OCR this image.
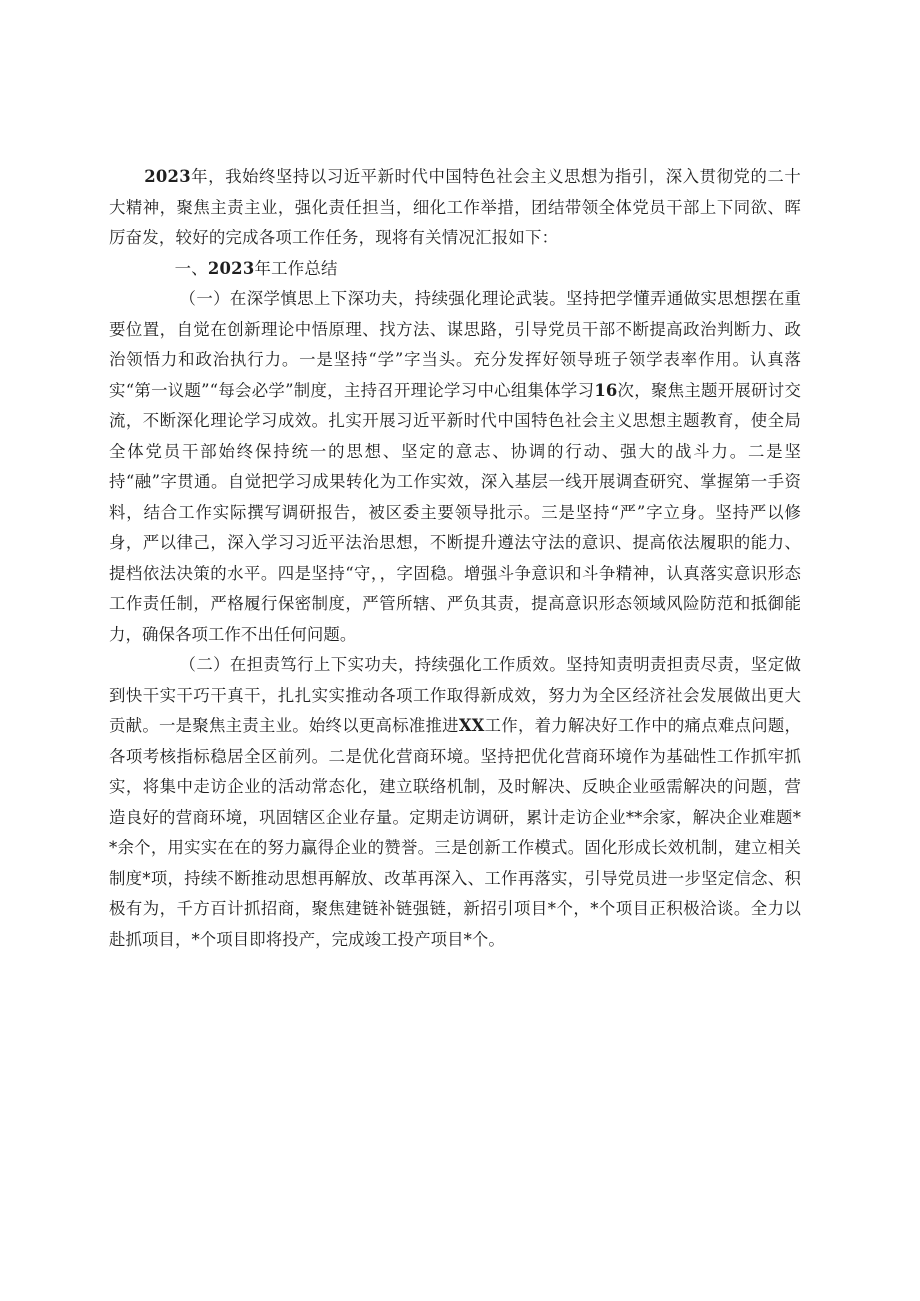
2023年，我始终坚持以习近平新时代中国特色社会主义思想为指引，深入贯彻党的二十大精神，聚焦主责主业，强化责任担当，细化工作举措，团结带领全体党员干部上下同欲、晖厉奋发，较好的完成各项工作任务，现将有关情况汇报如下：

一、2023年工作总结

（一）在深学慎思上下深功夫，持续强化理论武装。坚持把学懂弄通做实思想摆在重要位置，自觉在创新理论中悟原理、找方法、谋思路，引导党员干部不断提高政治判断力、政治领悟力和政治执行力。一是坚持“学”字当头。充分发挥好领导班子领学表率作用。认真落实“第一议题”“每会必学”制度，主持召开理论学习中心组集体学习16次，聚焦主题开展研讨交流，不断深化理论学习成效。扎实开展习近平新时代中国特色社会主义思想主题教育，使全局全体党员干部始终保持统一的思想、坚定的意志、协调的行动、强大的战斗力。二是坚持“融”字贯通。自觉把学习成果转化为工作实效，深入基层一线开展调查研究、掌握第一手资料，结合工作实际撰写调研报告，被区委主要领导批示。三是坚持“严”字立身。坚持严以修身，严以律己，深入学习习近平法治思想，不断提升遵法守法的意识、提高依法履职的能力、提档依法决策的水平。四是坚持“守，，字固稳。增强斗争意识和斗争精神，认真落实意识形态工作责任制，严格履行保密制度，严管所辖、严负其责，提高意识形态领域风险防范和抵御能力，确保各项工作不出任何问题。

（二）在担责笃行上下实功夫，持续强化工作质效。坚持知责明责担责尽责，坚定做到快干实干巧干真干，扎扎实实推动各项工作取得新成效，努力为全区经济社会发展做出更大贡献。一是聚焦主责主业。始终以更高标准推进XX工作，着力解决好工作中的痛点难点问题，各项考核指标稳居全区前列。二是优化营商环境。坚持把优化营商环境作为基础性工作抓牢抓实，将集中走访企业的活动常态化，建立联络机制，及时解决、反映企业亟需解决的问题，营造良好的营商环境，巩固辖区企业存量。定期走访调研，累计走访企业**余家，解决企业难题**余个，用实实在在的努力赢得企业的赞誉。三是创新工作模式。固化形成长效机制，建立相关制度*项，持续不断推动思想再解放、改革再深入、工作再落实，引导党员进一步坚定信念、积极有为，千方百计抓招商，聚焦建链补链强链，新招引项目*个，*个项目正积极洽谈。全力以赴抓项目，*个项目即将投产，完成竣工投产项目*个。
